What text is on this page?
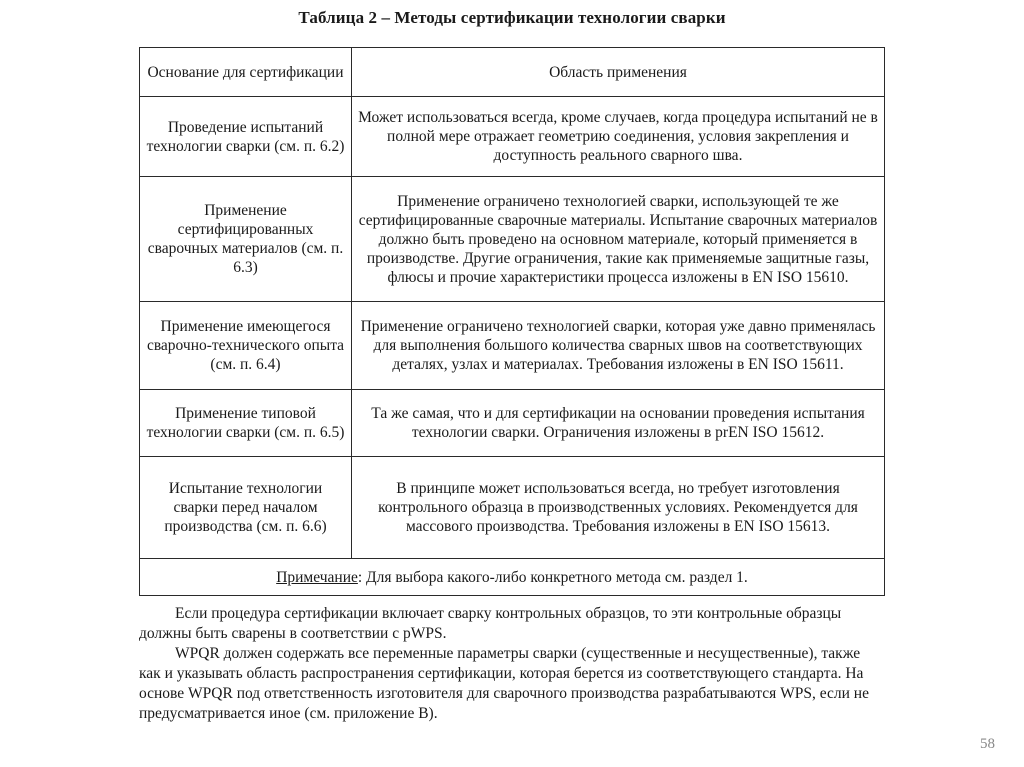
Таблица 2 – Методы сертификации технологии сварки
Основание для сертификации	Область применения
Проведение испытаний технологии сварки (см. п. 6.2)	Может использоваться всегда, кроме случаев, когда процедура испытаний не в полной мере отражает геометрию соединения, условия закрепления и доступность реального сварного шва.
Применение сертифицированных сварочных материалов (см. п. 6.3)	Применение ограничено технологией сварки, использующей те же сертифицированные сварочные материалы. Испытание сварочных материалов должно быть проведено на основном материале, который применяется в производстве. Другие ограничения, такие как применяемые защитные газы, флюсы и прочие характеристики процесса изложены в EN ISO 15610.
Применение имеющегося сварочно-технического опыта (см. п. 6.4)	Применение ограничено технологией сварки, которая уже давно применялась для выполнения большого количества сварных швов на соответствующих деталях, узлах и материалах. Требования изложены в EN ISO 15611.
Применение типовой технологии сварки (см. п. 6.5)	Та же самая, что и для сертификации на основании проведения испытания технологии сварки. Ограничения изложены в prEN ISO 15612.
Испытание технологии сварки перед началом производства (см. п. 6.6)	В принципе может использоваться всегда, но требует изготовления контрольного образца в производственных условиях. Рекомендуется для массового производства. Требования изложены в EN ISO 15613.
Примечание: Для выбора какого-либо конкретного метода см. раздел 1.	

Если процедура сертификации включает сварку контрольных образцов, то эти контрольные образцы должны быть сварены в соответствии с pWPS.

WPQR должен содержать все переменные параметры сварки (существенные и несущественные), также как и указывать область распространения сертификации, которая берется из соответствующего стандарта. На основе WPQR под ответственность изготовителя для сварочного производства разрабатываются WPS, если не предусматривается иное (см. приложение B).

58
